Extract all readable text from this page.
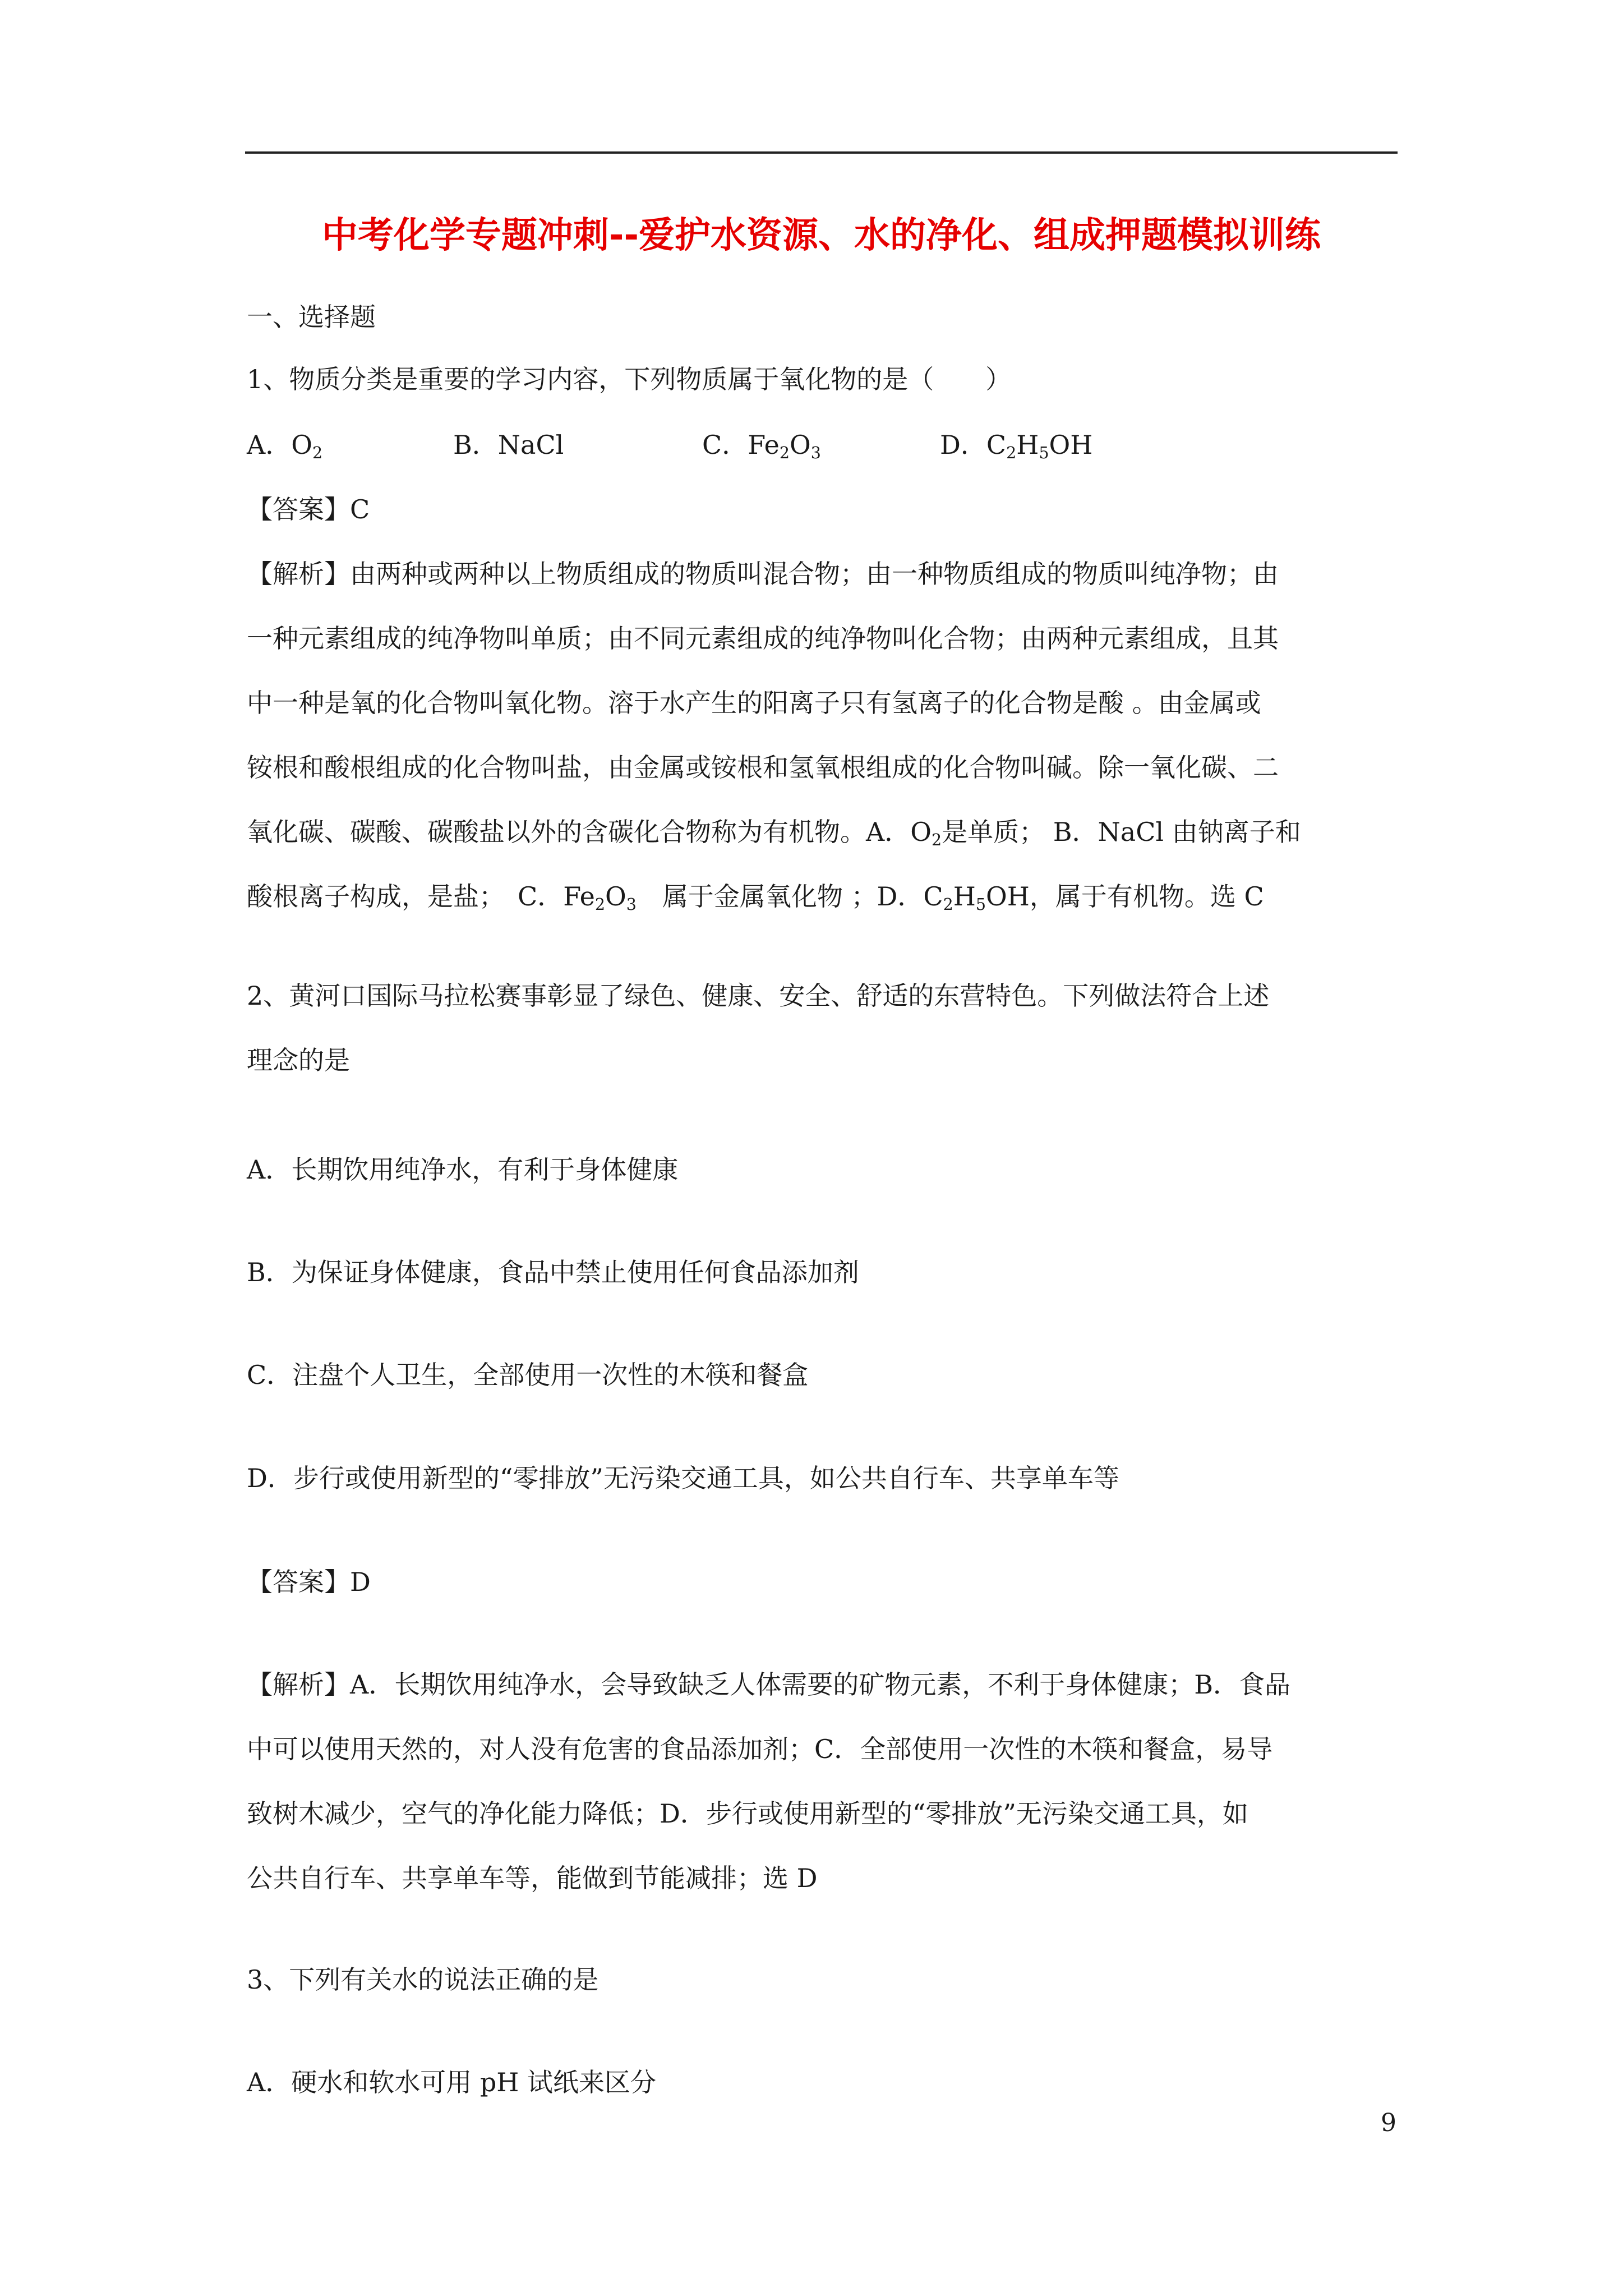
中考化学专题冲刺--爱护水资源、水的净化、组成押题模拟训练
一、选择题
1、物质分类是重要的学习内容，下列物质属于氧化物的是（　　）
A．$O_2$	B．NaCl	C．$Fe_2O_3$	D．$C_2H_5OH$
【答案】C
【解析】由两种或两种以上物质组成的物质叫混合物；由一种物质组成的物质叫纯净物；由
一种元素组成的纯净物叫单质；由不同元素组成的纯净物叫化合物；由两种元素组成，且其
中一种是氧的化合物叫氧化物。溶于水产生的阳离子只有氢离子的化合物是酸 。由金属或
铵根和酸根组成的化合物叫盐，由金属或铵根和氢氧根组成的化合物叫碱。除一氧化碳、二
氧化碳、碳酸、碳酸盐以外的含碳化合物称为有机物。A．$O_2$是单质； B．NaCl 由钠离子和
酸根离子构成，是盐；　C．$Fe_2O_3$　属于金属氧化物 ；D．$C_2H_5OH$，属于有机物。选 C
2、黄河口国际马拉松赛事彰显了绿色、健康、安全、舒适的东营特色。下列做法符合上述
理念的是
A．长期饮用纯净水，有利于身体健康
B．为保证身体健康，食品中禁止使用任何食品添加剂
C．注盘个人卫生，全部使用一次性的木筷和餐盒
D．步行或使用新型的“零排放”无污染交通工具，如公共自行车、共享单车等
【答案】D
【解析】A．长期饮用纯净水，会导致缺乏人体需要的矿物元素，不利于身体健康；B．食品
中可以使用天然的，对人没有危害的食品添加剂；C．全部使用一次性的木筷和餐盒，易导
致树木减少，空气的净化能力降低；D．步行或使用新型的“零排放”无污染交通工具，如
公共自行车、共享单车等，能做到节能减排；选 D
3、下列有关水的说法正确的是
A．硬水和软水可用 pH 试纸来区分
9
